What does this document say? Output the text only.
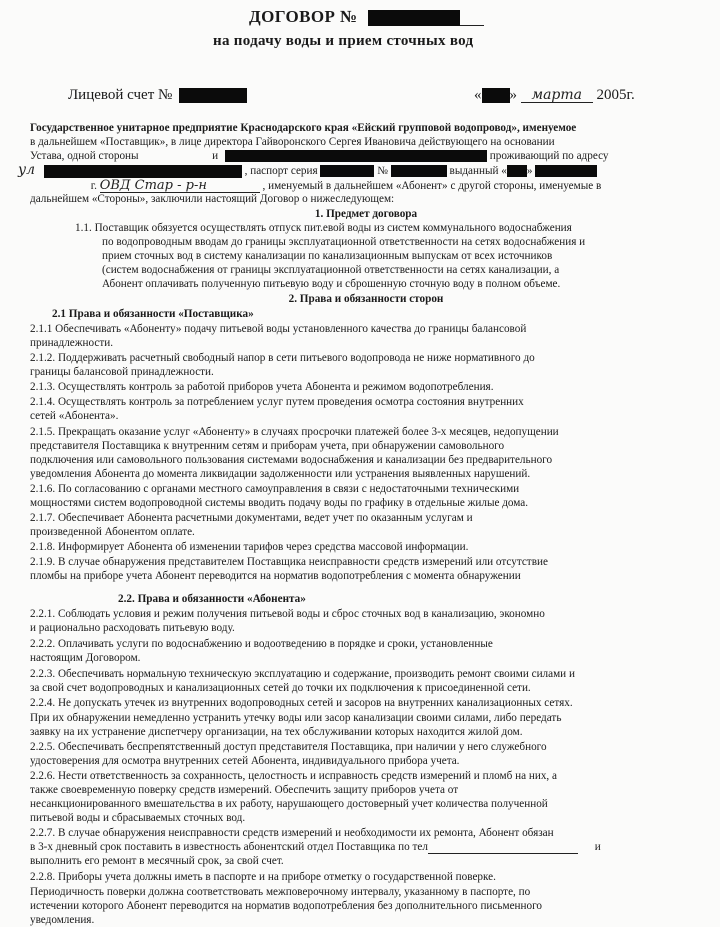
ДОГОВОР №
на подачу воды и прием сточных вод
Лицевой счет №	« » марта 2005г.
Государственное унитарное предприятие Краснодарского края «Ейский групповой водопровод», именуемое
в дальнейшем «Поставщик», в лице директора Гайворонского Сергея Ивановича действующего на основании
Устава, одной стороны	и	проживающий по адресу
ул	, паспорт серия	№	выданный « »
г. ОВД Стар - р-н	, именуемый в дальнейшем «Абонент» с другой стороны, именуемые в
дальнейшем «Стороны», заключили настоящий Договор о нижеследующем:
1. Предмет договора
1.1. Поставщик обязуется осуществлять отпуск пит.евой воды из систем коммунального водоснабжения
по водопроводным вводам до границы эксплуатационной ответственности на сетях водоснабжения и
прием сточных вод в систему канализации по канализационным выпускам от всех источников
(систем водоснабжения от границы эксплуатационной ответственности на сетях канализации, а
Абонент оплачивать полученную питьевую воду и сброшенную сточную воду в полном объеме.
2. Права и обязанности сторон
2.1 Права и обязанности «Поставщика»
2.1.1 Обеспечивать «Абоненту» подачу питьевой воды установленного качества до границы балансовой
принадлежности.
2.1.2. Поддерживать расчетный свободный напор в сети питьевого водопровода не ниже нормативного до
границы балансовой принадлежности.
2.1.3. Осуществлять контроль за работой приборов учета Абонента и режимом водопотребления.
2.1.4. Осуществлять контроль за потреблением услуг путем проведения осмотра состояния внутренних
сетей «Абонента».
2.1.5. Прекращать оказание услуг «Абоненту» в случаях просрочки платежей более 3-х месяцев, недопущении
представителя Поставщика к внутренним сетям и приборам учета, при обнаружении самовольного
подключения или самовольного пользования системами водоснабжения и канализации без предварительного
уведомления Абонента до момента ликвидации задолженности или устранения выявленных нарушений.
2.1.6. По согласованию с органами местного самоуправления в связи с недостаточными техническими
мощностями систем водопроводной системы вводить подачу воды по графику в отдельные жилые дома.
2.1.7. Обеспечивает Абонента расчетными документами, ведет учет по оказанным услугам и
произведенной Абонентом оплате.
2.1.8. Информирует Абонента об изменении тарифов через средства массовой информации.
2.1.9. В случае обнаружения представителем Поставщика неисправности средств измерений или отсутствие
пломбы на приборе учета Абонент переводится на норматив водопотребления с момента обнаружении
2.2. Права и обязанности «Абонента»
2.2.1. Соблюдать условия и режим получения питьевой воды и сброс сточных вод в канализацию, экономно
и рационально расходовать питьевую воду.
2.2.2. Оплачивать услуги по водоснабжению и водоотведению в порядке и сроки, установленные
настоящим Договором.
2.2.3. Обеспечивать нормальную техническую эксплуатацию и содержание, производить ремонт своими силами и
за свой счет водопроводных и канализационных сетей до точки их подключения к присоединенной сети.
2.2.4. Не допускать утечек из внутренних водопроводных сетей и засоров на внутренних канализационных сетях.
При их обнаружении немедленно устранить утечку воды или засор канализации своими силами, либо передать
заявку на их устранение диспетчеру организации, на тех обслуживании которых находится жилой дом.
2.2.5. Обеспечивать беспрепятственный доступ представителя Поставщика, при наличии у него служебного
удостоверения для осмотра внутренних сетей Абонента, индивидуального прибора учета.
2.2.6. Нести ответственность за сохранность, целостность и исправность средств измерений и пломб на них, а
также своевременную поверку средств измерений. Обеспечить защиту приборов учета от
несанкционированного вмешательства в их работу, нарушающего достоверный учет количества полученной
питьевой воды и сбрасываемых сточных вод.
2.2.7. В случае обнаружения неисправности средств измерений и необходимости их ремонта, Абонент обязан
в 3-х дневный срок поставить в известность абонентский отдел Поставщика по тел	и
выполнить его ремонт в месячный срок, за свой счет.
2.2.8. Приборы учета должны иметь в паспорте и на приборе отметку о государственной поверке.
Периодичность поверки должна соответствовать межповерочному интервалу, указанному в паспорте, по
истечении которого Абонент переводится на норматив водопотребления без дополнительного письменного
уведомления.
